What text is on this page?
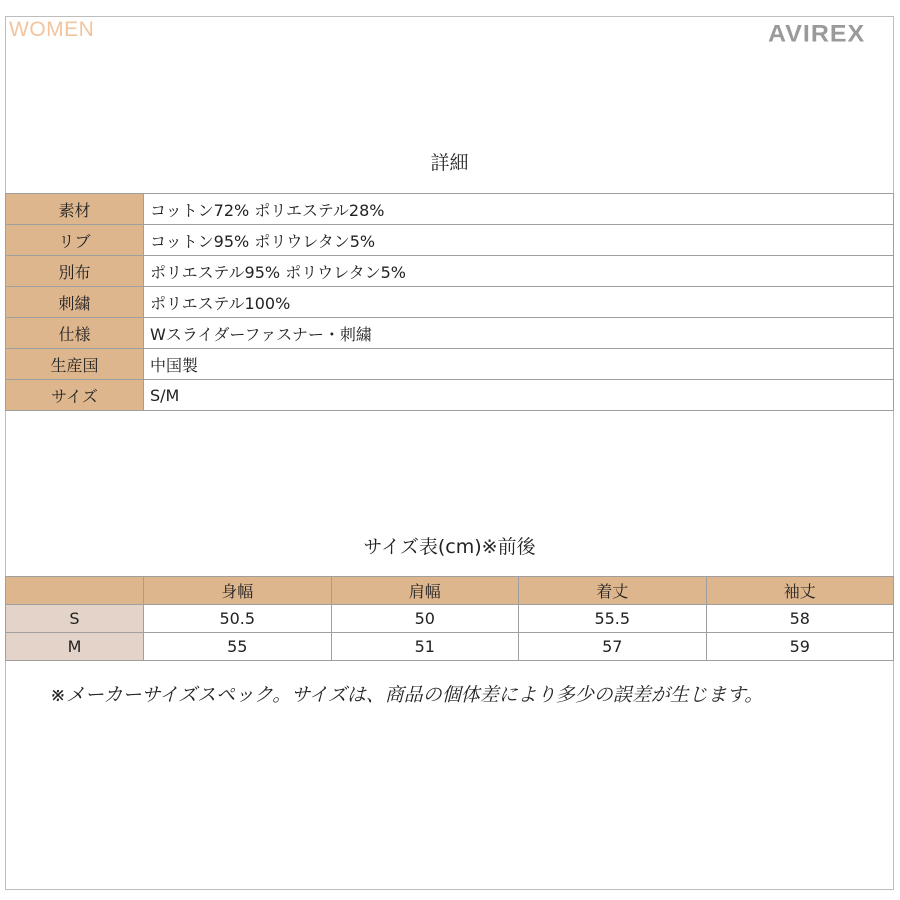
WOMEN	AVIREX
詳細
素材	コットン72% ポリエステル28%
リブ	コットン95% ポリウレタン5%
別布	ポリエステル95% ポリウレタン5%
刺繍	ポリエステル100%
仕様	Wスライダーファスナー・刺繍
生産国	中国製
サイズ	S/M
サイズ表(cm)※前後
	身幅	肩幅	着丈	袖丈
S	50.5	50	55.5	58
M	55	51	57	59
※メーカーサイズスペック。サイズは、商品の個体差により多少の誤差が生じます。
